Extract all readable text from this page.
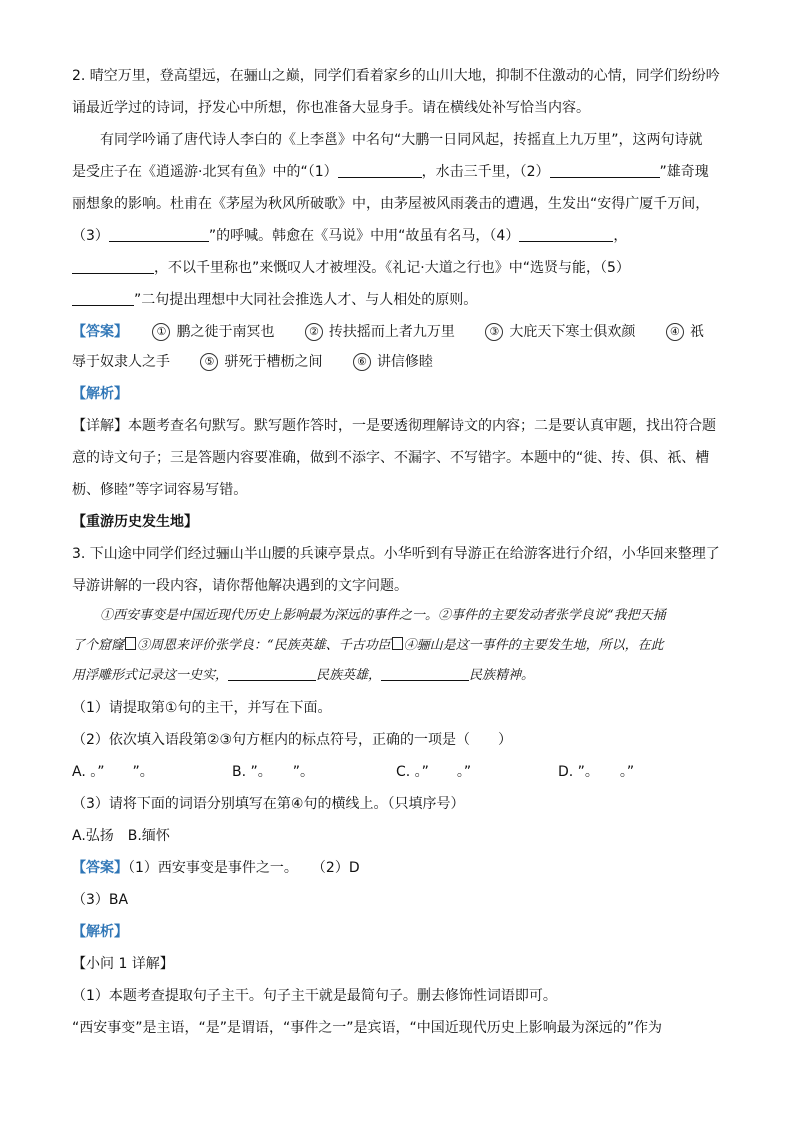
2. 晴空万里，登高望远，在骊山之巅，同学们看着家乡的山川大地，抑制不住激动的心情，同学们纷纷吟
诵最近学过的诗词，抒发心中所想，你也准备大显身手。请在横线处补写恰当内容。
有同学吟诵了唐代诗人李白的《上李邕》中名句“大鹏一日同风起，抟摇直上九万里”，这两句诗就
是受庄子在《逍遥游·北冥有鱼》中的“（1）	，水击三千里，（2）	”雄奇瑰
丽想象的影响。杜甫在《茅屋为秋风所破歌》中，由茅屋被风雨袭击的遭遇，生发出“安得广厦千万间，
（3）	”的呼喊。韩愈在《马说》中用“故虽有名马，（4）	，
，不以千里称也”来慨叹人才被埋没。《礼记·大道之行也》中“选贤与能，（5）
”二句提出理想中大同社会推选人才、与人相处的原则。
【答案】	① 鹏之徙于南冥也	② 抟扶摇而上者九万里	③ 大庇天下寒士俱欢颜	④ 祇
辱于奴隶人之手	⑤ 骈死于槽枥之间	⑥ 讲信修睦
【解析】
【详解】本题考查名句默写。默写题作答时，一是要透彻理解诗文的内容；二是要认真审题，找出符合题
意的诗文句子；三是答题内容要准确，做到不添字、不漏字、不写错字。本题中的“徙、抟、俱、祇、槽
枥、修睦”等字词容易写错。
【重游历史发生地】
3. 下山途中同学们经过骊山半山腰的兵谏亭景点。小华听到有导游正在给游客进行介绍，小华回来整理了
导游讲解的一段内容，请你帮他解决遇到的文字问题。
①西安事变是中国近现代历史上影响最为深远的事件之一。②事件的主要发动者张学良说“我把天捅
了个窟窿 ③周恩来评价张学良：“民族英雄、千古功臣 ④骊山是这一事件的主要发生地，所以，在此
用浮雕形式记录这一史实，	民族英雄，	民族精神。
（1）请提取第①句的主干，并写在下面。
（2）依次填入语段第②③句方框内的标点符号，正确的一项是（　　）
A. 。”　　”。	B. ”。　　”。	C. 。”　　。”	D. ”。　　。”
（3）请将下面的词语分别填写在第④句的横线上。（只填序号）
A.弘扬　B.缅怀
【答案】（1）西安事变是事件之一。　　（2）D
（3）BA
【解析】
【小问 1 详解】
（1）本题考查提取句子主干。句子主干就是最简句子。删去修饰性词语即可。
“西安事变”是主语，“是”是谓语，“事件之一”是宾语，“中国近现代历史上影响最为深远的”作为
